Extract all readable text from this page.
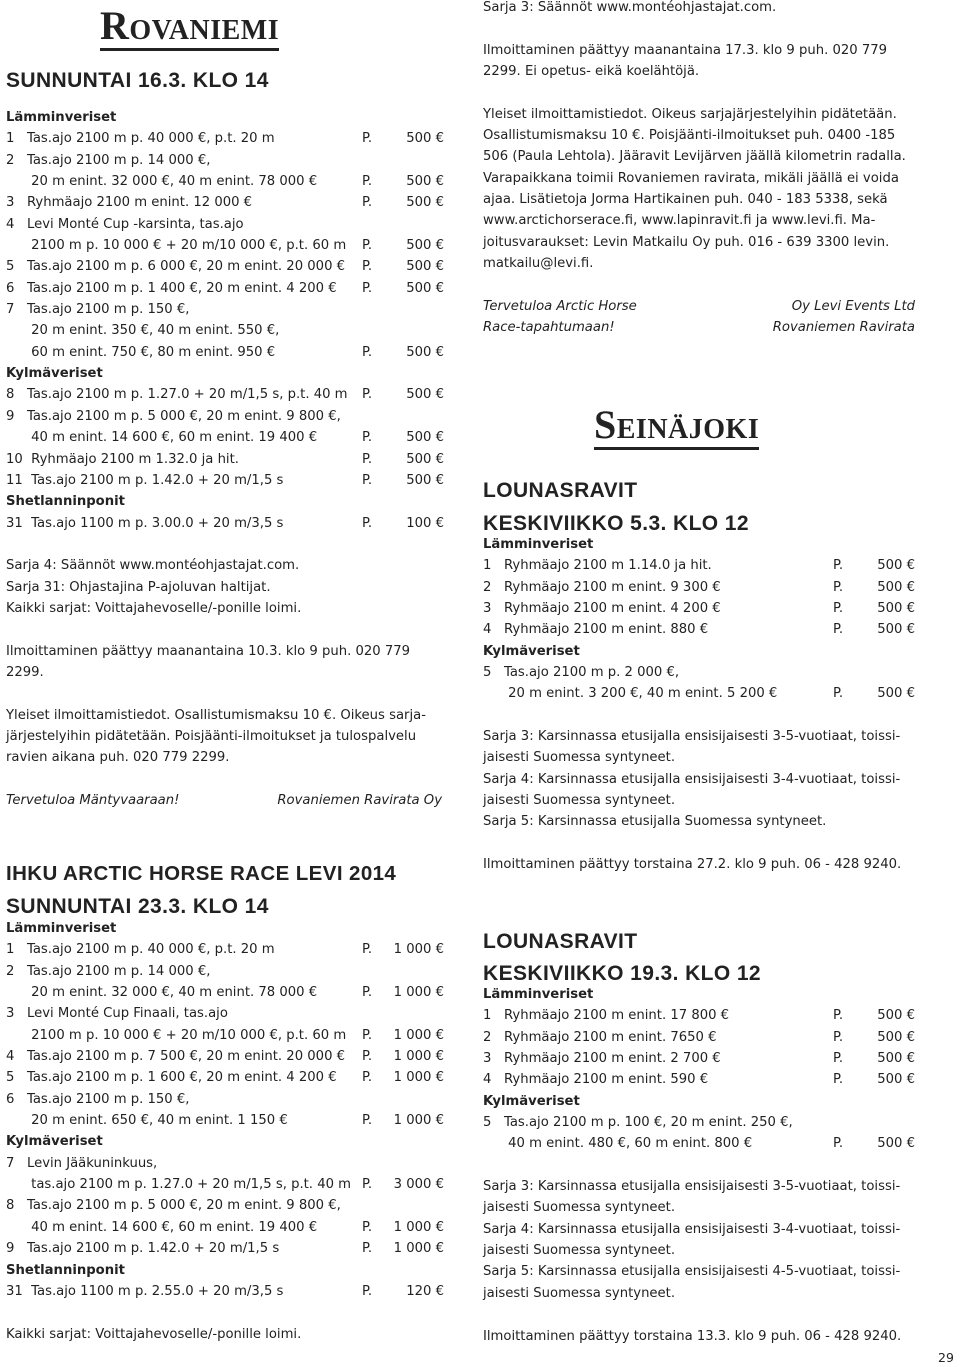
Rovaniemi
SUNNUNTAI 16.3. KLO 14
Lämminveriset
1   Tas.ajo 2100 m p. 40 000 €, p.t. 20 m	P.	500 €
2   Tas.ajo 2100 m p. 14 000 €,
20 m enint. 32 000 €, 40 m enint. 78 000 €	P.	500 €
3   Ryhmäajo 2100 m enint. 12 000 €	P.	500 €
4   Levi Monté Cup -karsinta, tas.ajo
2100 m p. 10 000 € + 20 m/10 000 €, p.t. 60 m P.	500 €
5   Tas.ajo 2100 m p. 6 000 €, 20 m enint. 20 000 € P.	500 €
6   Tas.ajo 2100 m p. 1 400 €, 20 m enint. 4 200 € P.	500 €
7   Tas.ajo 2100 m p. 150 €,
20 m enint. 350 €, 40 m enint. 550 €,
60 m enint. 750 €, 80 m enint. 950 €	P.	500 €
Kylmäveriset
8   Tas.ajo 2100 m p. 1.27.0 + 20 m/1,5 s, p.t. 40 m P.	500 €
9   Tas.ajo 2100 m p. 5 000 €, 20 m enint. 9 800 €,
40 m enint. 14 600 €, 60 m enint. 19 400 €	P.	500 €
10  Ryhmäajo 2100 m 1.32.0 ja hit.	P.	500 €
11  Tas.ajo 2100 m p. 1.42.0 + 20 m/1,5 s	P.	500 €
Shetlanninponit
31  Tas.ajo 1100 m p. 3.00.0 + 20 m/3,5 s	P.	100 €
Sarja 4: Säännöt www.montéohjastajat.com.
Sarja 31: Ohjastajina P-ajoluvan haltijat.
Kaikki sarjat: Voittajahevoselle/-ponille loimi.
Ilmoittaminen päättyy maanantaina 10.3. klo 9 puh. 020 779
2299.
Yleiset ilmoittamistiedot. Osallistumismaksu 10 €. Oikeus sarja-
järjestelyihin pidätetään. Poisjäänti-ilmoitukset ja tulospalvelu
ravien aikana puh. 020 779 2299.
Tervetuloa Mäntyvaaraan!	Rovaniemen Ravirata Oy
IHKU ARCTIC HORSE RACE LEVI 2014
SUNNUNTAI 23.3. KLO 14
Lämminveriset
1   Tas.ajo 2100 m p. 40 000 €, p.t. 20 m	P. 1 000 €
2   Tas.ajo 2100 m p. 14 000 €,
20 m enint. 32 000 €, 40 m enint. 78 000 €	P. 1 000 €
3   Levi Monté Cup Finaali, tas.ajo
2100 m p. 10 000 € + 20 m/10 000 €, p.t. 60 m P. 1 000 €
4   Tas.ajo 2100 m p. 7 500 €, 20 m enint. 20 000 € P. 1 000 €
5   Tas.ajo 2100 m p. 1 600 €, 20 m enint. 4 200 € P. 1 000 €
6   Tas.ajo 2100 m p. 150 €,
20 m enint. 650 €, 40 m enint. 1 150 €	P. 1 000 €
Kylmäveriset
7   Levin Jääkuninkuus,
tas.ajo 2100 m p. 1.27.0 + 20 m/1,5 s, p.t. 40 m P. 3 000 €
8   Tas.ajo 2100 m p. 5 000 €, 20 m enint. 9 800 €,
40 m enint. 14 600 €, 60 m enint. 19 400 €	P. 1 000 €
9   Tas.ajo 2100 m p. 1.42.0 + 20 m/1,5 s	P. 1 000 €
Shetlanninponit
31  Tas.ajo 1100 m p. 2.55.0 + 20 m/3,5 s	P.	120 €
Kaikki sarjat: Voittajahevoselle/-ponille loimi.
Sarja 3: Säännöt www.montéohjastajat.com.
Ilmoittaminen päättyy maanantaina 17.3. klo 9 puh. 020 779
2299. Ei opetus- eikä koelähtöjä.
Yleiset ilmoittamistiedot. Oikeus sarjajärjestelyihin pidätetään.
Osallistumismaksu 10 €. Poisjäänti-ilmoitukset puh. 0400 -185
506 (Paula Lehtola). Jääravit Levijärven jäällä kilometrin radalla.
Varapaikkana toimii Rovaniemen ravirata, mikäli jäällä ei voida
ajaa. Lisätietoja Jorma Hartikainen puh. 040 - 183 5338, sekä
www.arctichorserace.fi, www.lapinravit.fi ja www.levi.fi. Ma-
joitusvaraukset: Levin Matkailu Oy puh. 016 - 639 3300 levin.
matkailu@levi.fi.
Tervetuloa Arctic Horse	Oy Levi Events Ltd
Race-tapahtumaan!	Rovaniemen Ravirata
Seinäjoki
LOUNASRAVIT
KESKIVIIKKO 5.3. KLO 12
Lämminveriset
1   Ryhmäajo 2100 m 1.14.0 ja hit.	P.	500 €
2   Ryhmäajo 2100 m enint. 9 300 €	P.	500 €
3   Ryhmäajo 2100 m enint. 4 200 €	P.	500 €
4   Ryhmäajo 2100 m enint. 880 €	P.	500 €
Kylmäveriset
5   Tas.ajo 2100 m p. 2 000 €,
20 m enint. 3 200 €, 40 m enint. 5 200 €	P.	500 €
Sarja 3: Karsinnassa etusijalla ensisijaisesti 3-5-vuotiaat, toissi-
jaisesti Suomessa syntyneet.
Sarja 4: Karsinnassa etusijalla ensisijaisesti 3-4-vuotiaat, toissi-
jaisesti Suomessa syntyneet.
Sarja 5: Karsinnassa etusijalla Suomessa syntyneet.
Ilmoittaminen päättyy torstaina 27.2. klo 9 puh. 06 - 428 9240.
LOUNASRAVIT
KESKIVIIKKO 19.3. KLO 12
Lämminveriset
1   Ryhmäajo 2100 m enint. 17 800 €	P.	500 €
2   Ryhmäajo 2100 m enint. 7650 €	P.	500 €
3   Ryhmäajo 2100 m enint. 2 700 €	P.	500 €
4   Ryhmäajo 2100 m enint. 590 €	P.	500 €
Kylmäveriset
5   Tas.ajo 2100 m p. 100 €, 20 m enint. 250 €,
40 m enint. 480 €, 60 m enint. 800 €	P.	500 €
Sarja 3: Karsinnassa etusijalla ensisijaisesti 3-5-vuotiaat, toissi-
jaisesti Suomessa syntyneet.
Sarja 4: Karsinnassa etusijalla ensisijaisesti 3-4-vuotiaat, toissi-
jaisesti Suomessa syntyneet.
Sarja 5: Karsinnassa etusijalla ensisijaisesti 4-5-vuotiaat, toissi-
jaisesti Suomessa syntyneet.
Ilmoittaminen päättyy torstaina 13.3. klo 9 puh. 06 - 428 9240.
29
